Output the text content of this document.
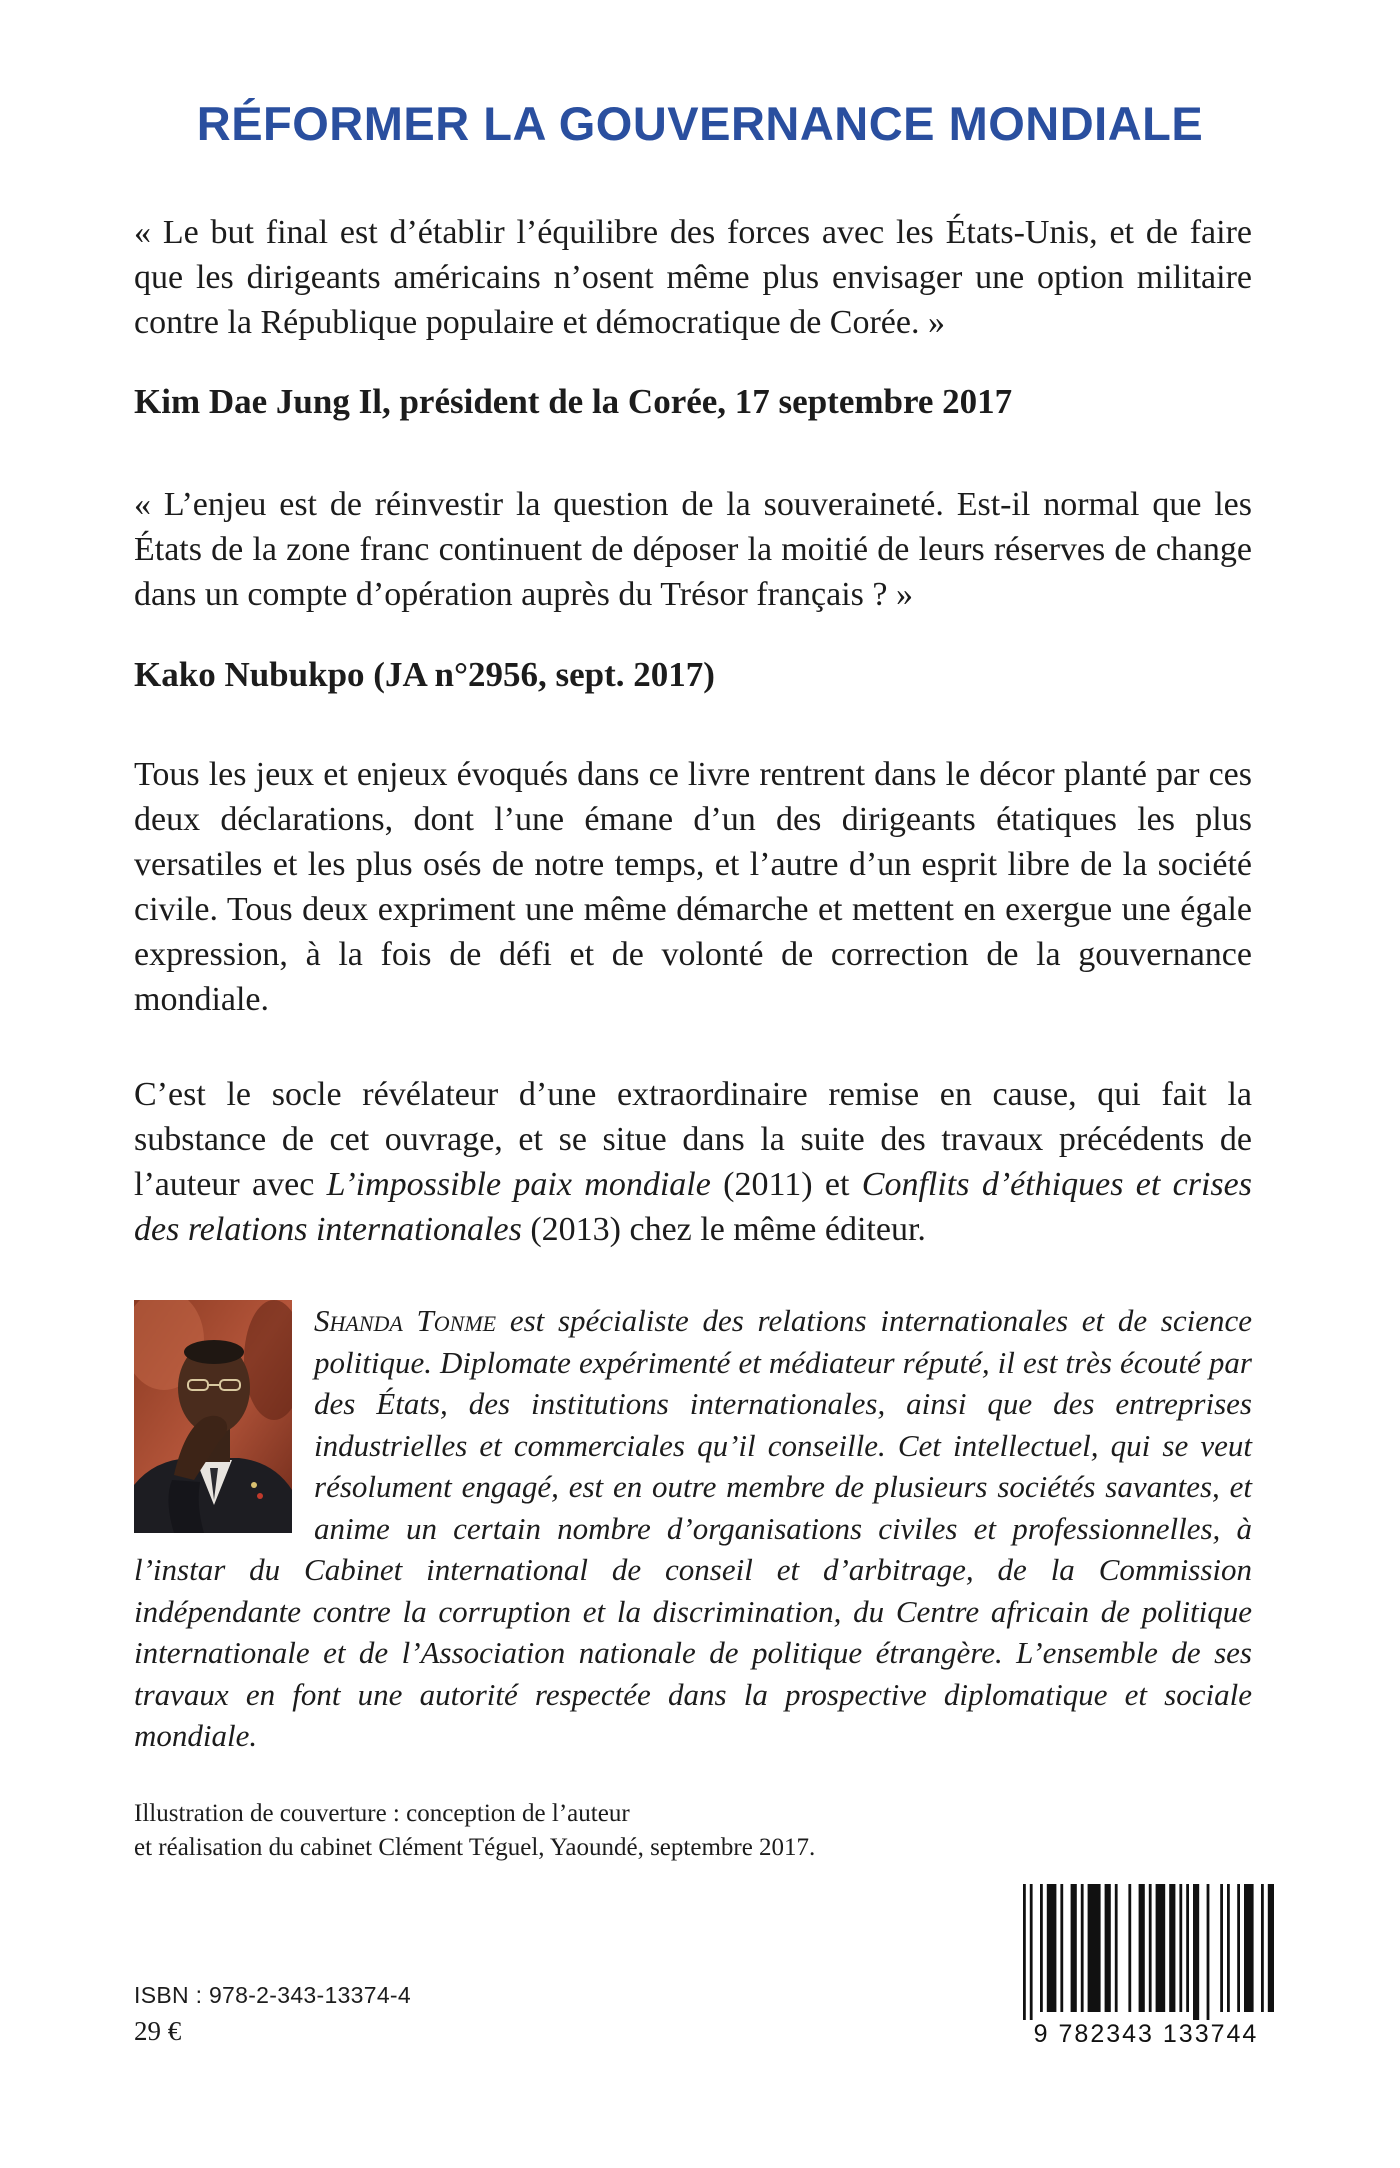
RÉFORMER LA GOUVERNANCE MONDIALE

« Le but final est d’établir l’équilibre des forces avec les États-Unis, et de faire que les dirigeants américains n’osent même plus envisager une option militaire contre la République populaire et démocratique de Corée. »

Kim Dae Jung Il, président de la Corée, 17 septembre 2017

« L’enjeu est de réinvestir la question de la souveraineté. Est-il normal que les États de la zone franc continuent de déposer la moitié de leurs réserves de change dans un compte d’opération auprès du Trésor français ? »

Kako Nubukpo (JA n°2956, sept. 2017)

Tous les jeux et enjeux évoqués dans ce livre rentrent dans le décor planté par ces deux déclarations, dont l’une émane d’un des dirigeants étatiques les plus versatiles et les plus osés de notre temps, et l’autre d’un esprit libre de la société civile. Tous deux expriment une même démarche et mettent en exergue une égale expression, à la fois de défi et de volonté de correction de la gouvernance mondiale.

C’est le socle révélateur d’une extraordinaire remise en cause, qui fait la substance de cet ouvrage, et se situe dans la suite des travaux précédents de l’auteur avec L’impossible paix mondiale (2011) et Conflits d’éthiques et crises des relations internationales (2013) chez le même éditeur.

Shanda Tonme est spécialiste des relations internationales et de science politique. Diplomate expérimenté et médiateur réputé, il est très écouté par des États, des institutions internationales, ainsi que des entreprises industrielles et commerciales qu’il conseille. Cet intellectuel, qui se veut résolument engagé, est en outre membre de plusieurs sociétés savantes, et anime un certain nombre d’organisations civiles et professionnelles, à l’instar du Cabinet international de conseil et d’arbitrage, de la Commission indépendante contre la corruption et la discrimination, du Centre africain de politique internationale et de l’Association nationale de politique étrangère. L’ensemble de ses travaux en font une autorité respectée dans la prospective diplomatique et sociale mondiale.

Illustration de couverture : conception de l’auteur
et réalisation du cabinet Clément Téguel, Yaoundé, septembre 2017.

ISBN : 978-2-343-13374-4

29 €	9 782343 133744
